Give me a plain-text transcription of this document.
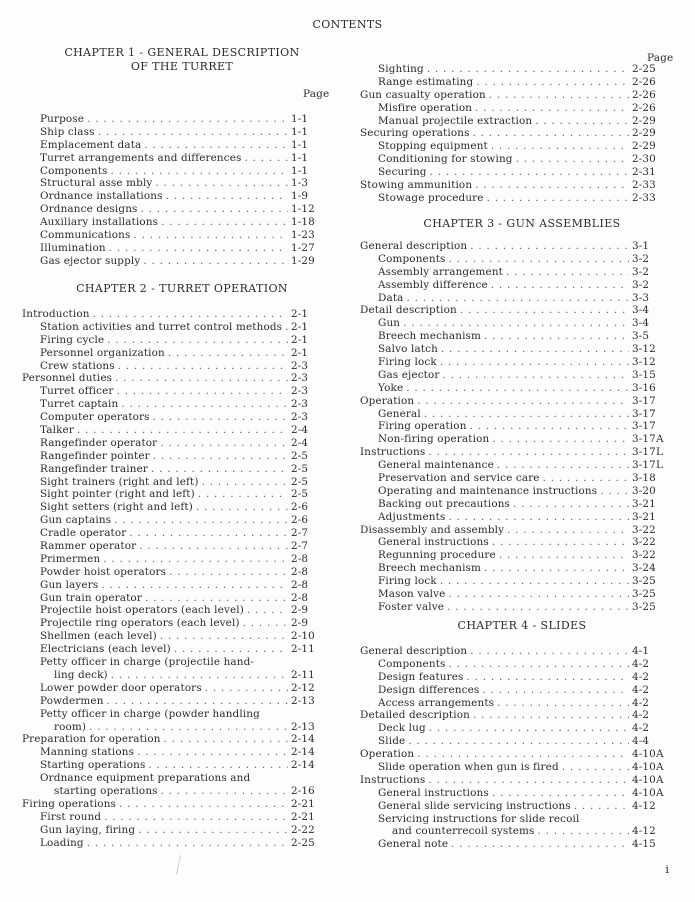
CONTENTS
CHAPTER 1 - GENERAL DESCRIPTION
OF THE TURRET
Page
Purpose . . .	1-1
Ship class . . .	1-1
Emplacement data . . .	1-1
Turret arrangements and differences . . .	1-1
Components . . .	1-1
Structural asse mbly . . .	1-3
Ordnance installations . . .	1-9
Ordnance designs . . .	1-12
Auxiliary installations . . .	1-18
Communications . . .	1-23
Illumination . . .	1-27
Gas ejector supply . . .	1-29
CHAPTER 2 - TURRET OPERATION
Introduction . . .	2-1
Station activities and turret control methods . . . 2-1
Firing cycle . . .	2-1
Personnel organization . . .	2-1
Crew stations . . .	2-3
Personnel duties . . .	2-3
Turret officer . . .	2-3
Turret captain . . .	2-3
Computer operators . . .	2-3
Talker . . .	2-4
Rangefinder operator . . .	2-4
Rangefinder pointer . . .	2-5
Rangefinder trainer . . .	2-5
Sight trainers (right and left) . . .	2-5
Sight pointer (right and left) . . .	2-5
Sight setters (right and left) . . .	2-6
Gun captains . . .	2-6
Cradle operator . . .	2-7
Rammer operator . . .	2-7
Primermen . . .	2-8
Powder hoist operators . . .	2-8
Gun layers . . .	2-8
Gun train operator . . .	2-8
Projectile hoist operators (each level) . . .	2-9
Projectile ring operators (each level) . . .	2-9
Shellmen (each level) . . .	2-10
Electricians (each level) . . .	2-11
Petty officer in charge (projectile hand-
ling deck) . . .	2-11
Lower powder door operators . . .	2-12
Powdermen . . .	2-13
Petty officer in charge (powder handling
room) . . .	2-13
Preparation for operation . . .	2-14
Manning stations . . .	2-14
Starting operations . . .	2-14
Ordnance equipment preparations and
starting operations . . .	2-16
Firing operations . . .	2-21
First round . . .	2-21
Gun laying, firing . . .	2-22
Loading . . .	2-25
Page
Sighting . . .	2-25
Range estimating . . .	2-26
Gun casualty operation . . .	2-26
Misfire operation . . .	2-26
Manual projectile extraction . . .	2-29
Securing operations . . .	2-29
Stopping equipment . . .	2-29
Conditioning for stowing . . .	2-30
Securing . . .	2-31
Stowing ammunition . . .	2-33
Stowage procedure . . .	2-33
CHAPTER 3 - GUN ASSEMBLIES
General description . . .	3-1
Components . . .	3-2
Assembly arrangement . . .	3-2
Assembly difference . . .	3-2
Data . . .	3-3
Detail description . . .	3-4
Gun . . .	3-4
Breech mechanism . . .	3-5
Salvo latch . . .	3-12
Firing lock . . .	3-12
Gas ejector . . .	3-15
Yoke . . .	3-16
Operation . . .	3-17
General . . .	3-17
Firing operation . . .	3-17
Non-firing operation . . .	3-17A
Instructions . . .	3-17L
General maintenance . . .	3-17L
Preservation and service care . . .	3-18
Operating and maintenance instructions . . .	3-20
Backing out precautions . . .	3-21
Adjustments . . .	3-21
Disassembly and assembly . . .	3-22
General instructions . . .	3-22
Regunning procedure . . .	3-22
Breech mechanism . . .	3-24
Firing lock . . .	3-25
Mason valve . . .	3-25
Foster valve . . .	3-25
CHAPTER 4 - SLIDES
General description . . .	4-1
Components . . .	4-2
Design features . . .	4-2
Design differences . . .	4-2
Access arrangements . . .	4-2
Detailed description . . .	4-2
Deck lug . . .	4-2
Slide . . .	4-4
Operation . . .	4-10A
Slide operation when gun is fired . . .	4-10A
Instructions . . .	4-10A
General instructions . . .	4-10A
General slide servicing instructions . . .	4-12
Servicing instructions for slide recoil
and counterrecoil systems . . .	4-12
General note . . .	4-15
i
